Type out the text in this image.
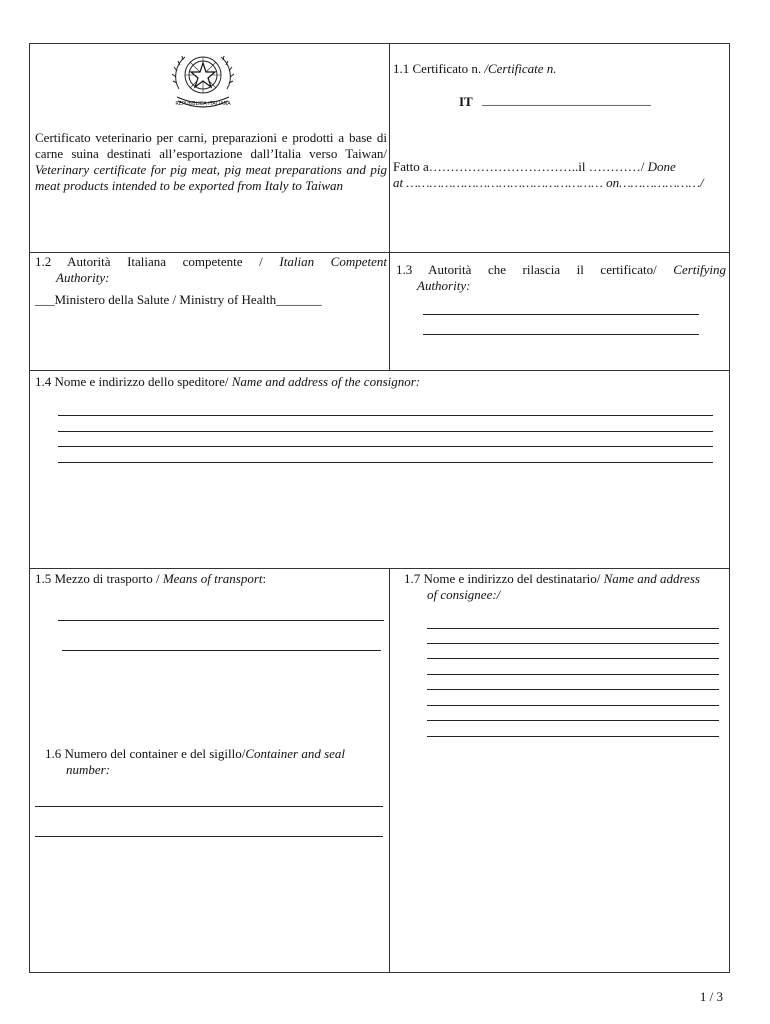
REPUBBLICA ITALIANA
Certificato veterinario per carni, preparazioni e prodotti a base di carne suina destinati all’esportazione dall’Italia verso Taiwan/ Veterinary certificate for pig meat, pig meat preparations and pig meat products intended to be exported from Italy to Taiwan
1.1 Certificato n. /Certificate n.
IT __________________________
Fatto a……………………………..il …………/ Done
at …………………………………………… on…………………/
1.2 Autorità Italiana competente / Italian Competent
Authority:
___Ministero della Salute / Ministry of Health_______
1.3 Autorità che rilascia il certificato/ Certifying
Authority:
1.4 Nome e indirizzo dello speditore/ Name and address of the consignor:
1.5 Mezzo di trasporto / Means of transport:
1.6 Numero del container e del sigillo/Container and seal
number:
1.7 Nome e indirizzo del destinatario/ Name and address
of consignee:/
1 / 3
